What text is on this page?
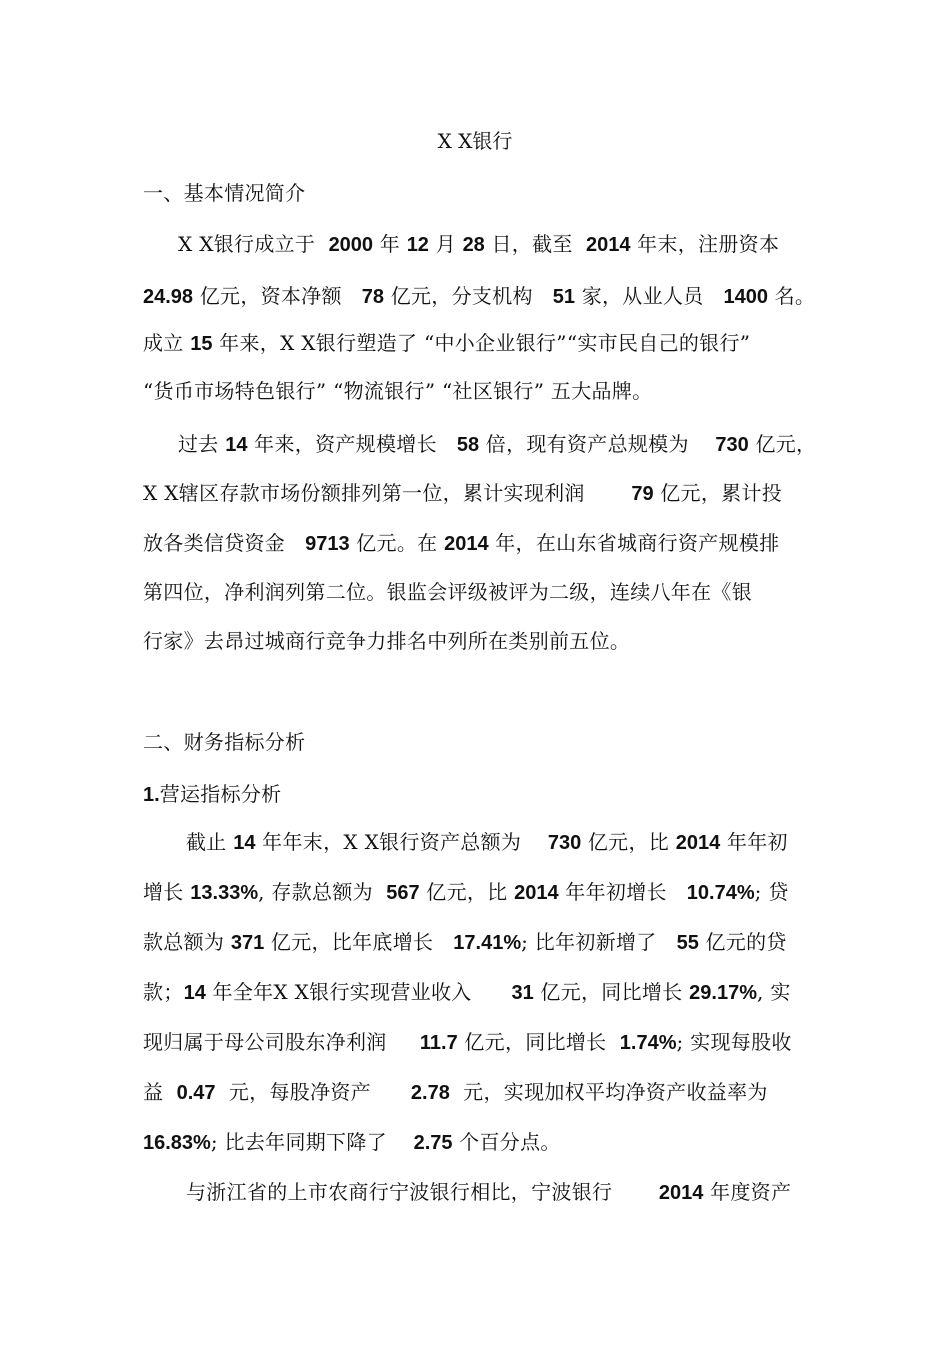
X X银行
一、基本情况简介
X X银行成立于  2000 年 12 月 28 日，截至  2014 年末，注册资本
24.98 亿元，资本净额   78 亿元，分支机构   51 家，从业人员   1400 名。
成立 15 年来，X X银行塑造了 “中小企业银行”“实市民自己的银行”
“货币市场特色银行” “物流银行” “社区银行” 五大品牌。
过去 14 年来，资产规模增长   58 倍，现有资产总规模为    730 亿元，
X X辖区存款市场份额排列第一位，累计实现利润       79 亿元，累计投
放各类信贷资金   9713 亿元。在 2014 年，在山东省城商行资产规模排
第四位，净利润列第二位。银监会评级被评为二级，连续八年在《银
行家》去昂过城商行竞争力排名中列所在类别前五位。
二、财务指标分析
1.营运指标分析
截止 14 年年末，X X银行资产总额为    730 亿元，比 2014 年年初
增长 13.33%, 存款总额为  567 亿元，比 2014 年年初增长   10.74%; 贷
款总额为 371 亿元，比年底增长   17.41%; 比年初新增了   55 亿元的贷
款；14 年全年X X银行实现营业收入      31 亿元，同比增长 29.17%, 实
现归属于母公司股东净利润     11.7 亿元，同比增长  1.74%; 实现每股收
益  0.47  元，每股净资产      2.78  元，实现加权平均净资产收益率为
16.83%; 比去年同期下降了    2.75 个百分点。
与浙江省的上市农商行宁波银行相比，宁波银行       2014 年度资产
